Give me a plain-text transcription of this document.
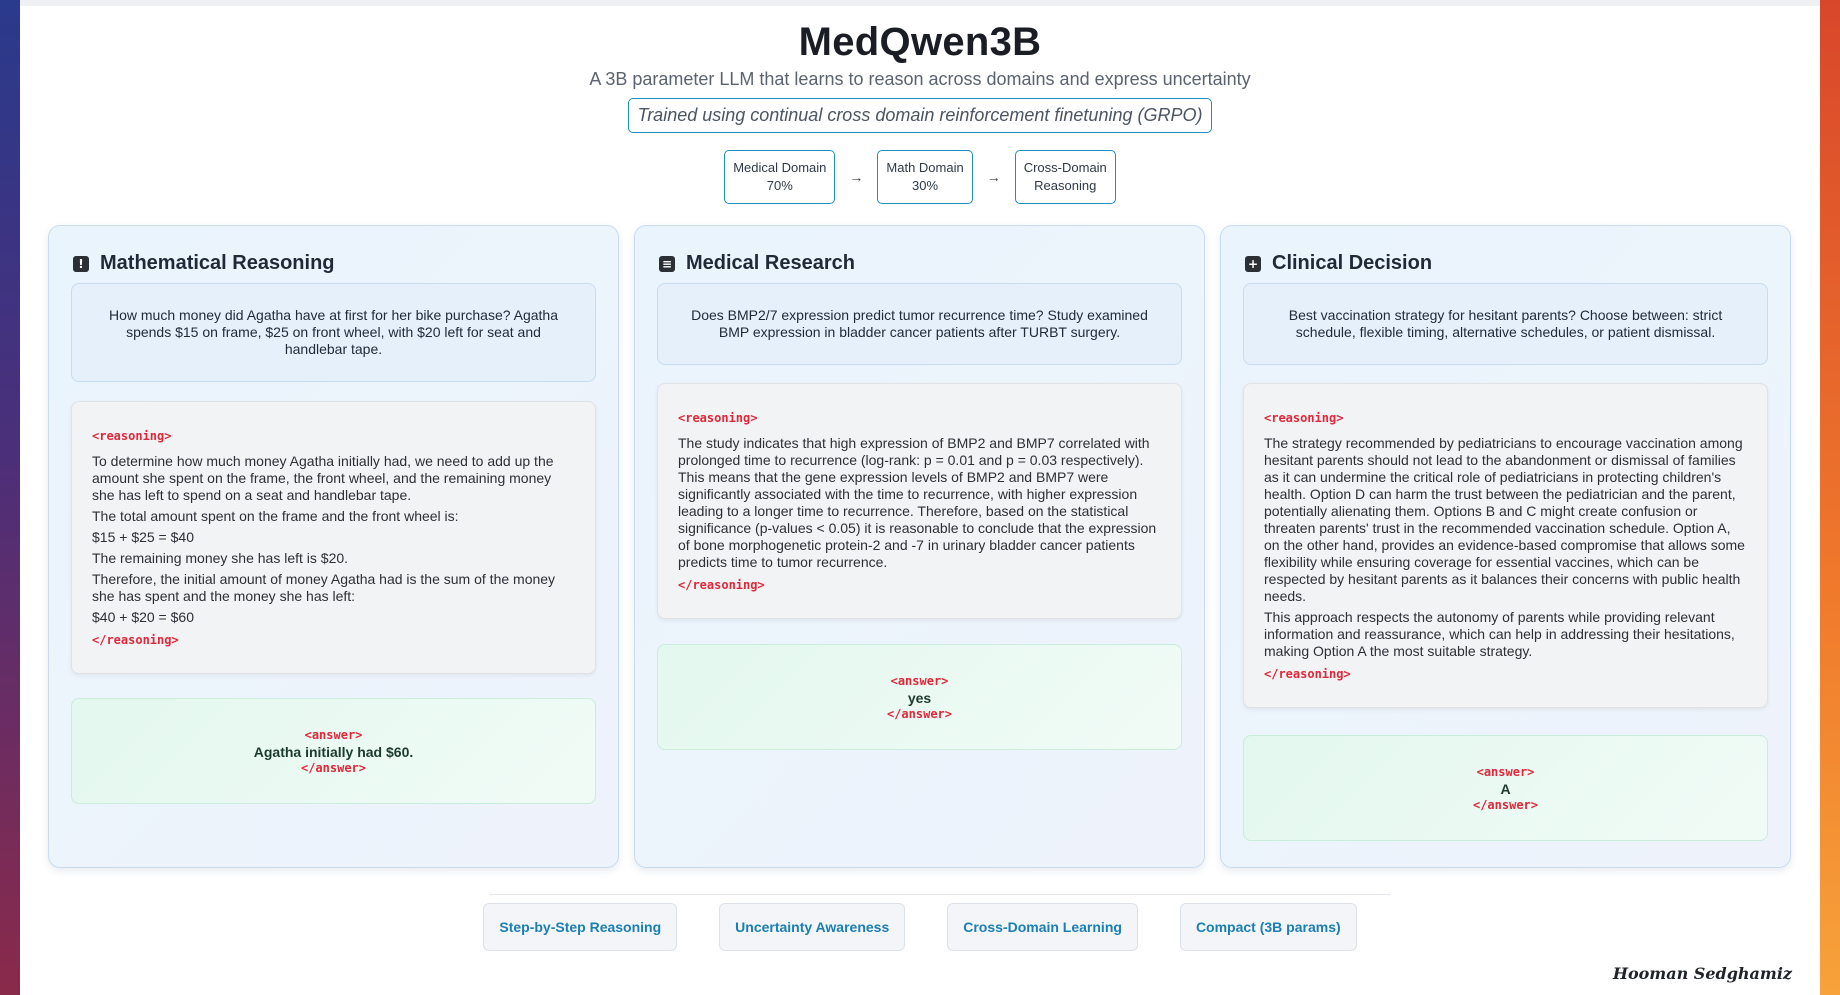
MedQwen3B
A 3B parameter LLM that learns to reason across domains and express uncertainty
Trained using continual cross domain reinforcement finetuning (GRPO)
Medical Domain
70%
→
Math Domain
30%
→
Cross-Domain
Reasoning
! Mathematical Reasoning
How much money did Agatha have at first for her bike purchase? Agatha spends $15 on frame, $25 on front wheel, with $20 left for seat and handlebar tape.
<reasoning>

To determine how much money Agatha initially had, we need to add up the amount she spent on the frame, the front wheel, and the remaining money she has left to spend on a seat and handlebar tape.

The total amount spent on the frame and the front wheel is:

$15 + $25 = $40

The remaining money she has left is $20.

Therefore, the initial amount of money Agatha had is the sum of the money she has spent and the money she has left:

$40 + $20 = $60

</reasoning>
<answer>
Agatha initially had $60.
</answer>
≡ Medical Research
Does BMP2/7 expression predict tumor recurrence time? Study examined BMP expression in bladder cancer patients after TURBT surgery.
<reasoning>

The study indicates that high expression of BMP2 and BMP7 correlated with prolonged time to recurrence (log-rank: p = 0.01 and p = 0.03 respectively). This means that the gene expression levels of BMP2 and BMP7 were significantly associated with the time to recurrence, with higher expression leading to a longer time to recurrence. Therefore, based on the statistical significance (p-values < 0.05) it is reasonable to conclude that the expression of bone morphogenetic protein-2 and -7 in urinary bladder cancer patients predicts time to tumor recurrence.

</reasoning>
<answer>
yes
</answer>
+ Clinical Decision
Best vaccination strategy for hesitant parents? Choose between: strict schedule, flexible timing, alternative schedules, or patient dismissal.
<reasoning>

The strategy recommended by pediatricians to encourage vaccination among hesitant parents should not lead to the abandonment or dismissal of families as it can undermine the critical role of pediatricians in protecting children's health. Option D can harm the trust between the pediatrician and the parent, potentially alienating them. Options B and C might create confusion or threaten parents' trust in the recommended vaccination schedule. Option A, on the other hand, provides an evidence-based compromise that allows some flexibility while ensuring coverage for essential vaccines, which can be respected by hesitant parents as it balances their concerns with public health needs.

This approach respects the autonomy of parents while providing relevant information and reassurance, which can help in addressing their hesitations, making Option A the most suitable strategy.

</reasoning>
<answer>
A
</answer>
Step-by-Step Reasoning	Uncertainty Awareness	Cross-Domain Learning	Compact (3B params)
Hooman Sedghamiz
